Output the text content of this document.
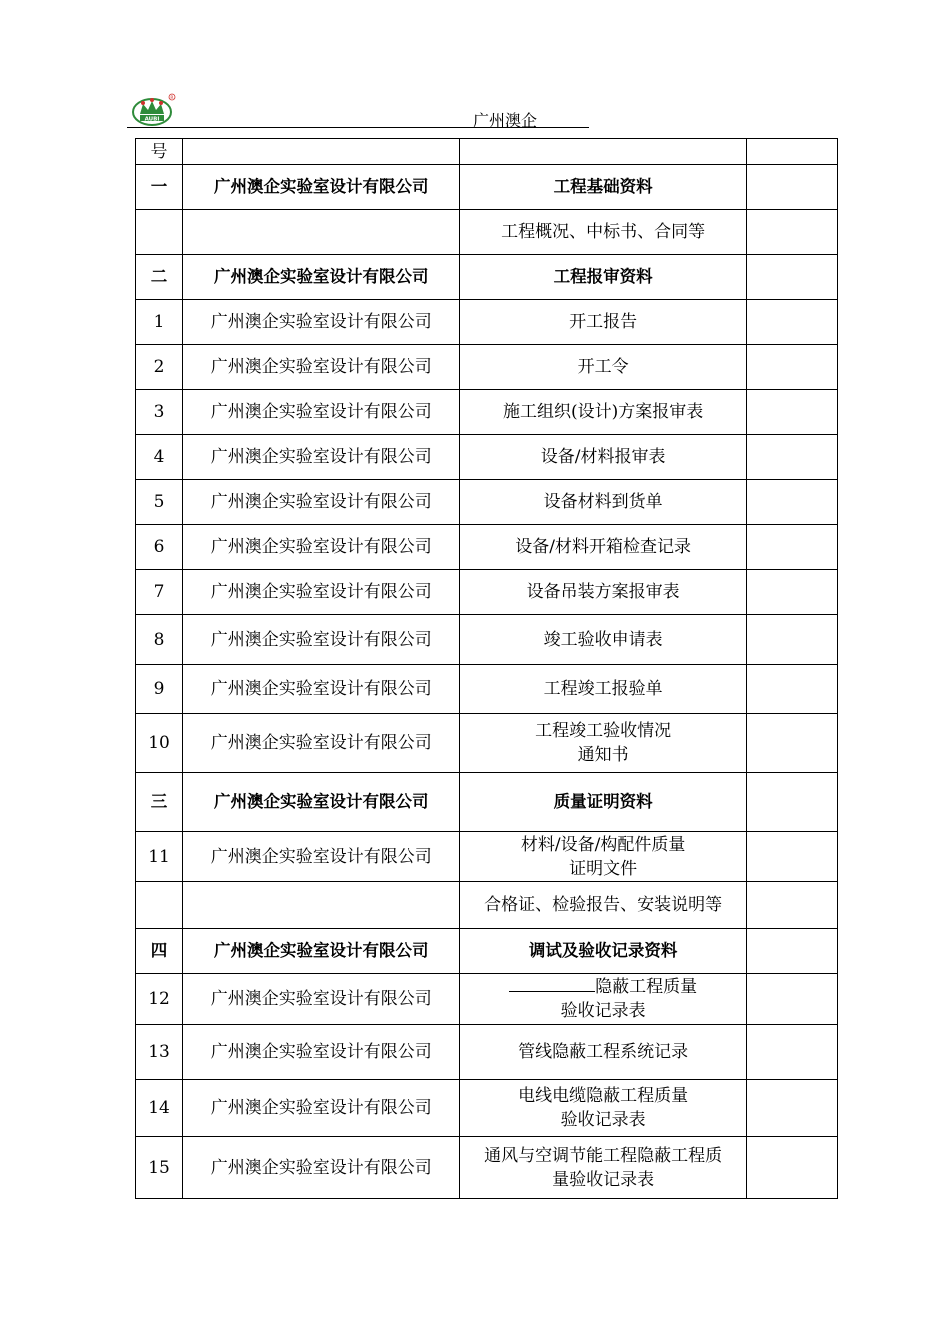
AUBI
R
广州澳企
号			
一	广州澳企实验室设计有限公司	工程基础资料	

		工程概况、中标书、合同等	

二	广州澳企实验室设计有限公司	工程报审资料	

1	广州澳企实验室设计有限公司	开工报告	

2	广州澳企实验室设计有限公司	开工令	

3	广州澳企实验室设计有限公司	施工组织(设计)方案报审表	

4	广州澳企实验室设计有限公司	设备/材料报审表	

5	广州澳企实验室设计有限公司	设备材料到货单	

6	广州澳企实验室设计有限公司	设备/材料开箱检查记录	

7	广州澳企实验室设计有限公司	设备吊装方案报审表	

8	广州澳企实验室设计有限公司	竣工验收申请表	

9	广州澳企实验室设计有限公司	工程竣工报验单	

10	广州澳企实验室设计有限公司	工程竣工验收情况
通知书	

三	广州澳企实验室设计有限公司	质量证明资料	

11	广州澳企实验室设计有限公司	材料/设备/构配件质量
证明文件	

		合格证、检验报告、安装说明等	

四	广州澳企实验室设计有限公司	调试及验收记录资料	

12	广州澳企实验室设计有限公司	隐蔽工程质量
验收记录表	

13	广州澳企实验室设计有限公司	管线隐蔽工程系统记录	

14	广州澳企实验室设计有限公司	电线电缆隐蔽工程质量
验收记录表	

15	广州澳企实验室设计有限公司	通风与空调节能工程隐蔽工程质
量验收记录表	
